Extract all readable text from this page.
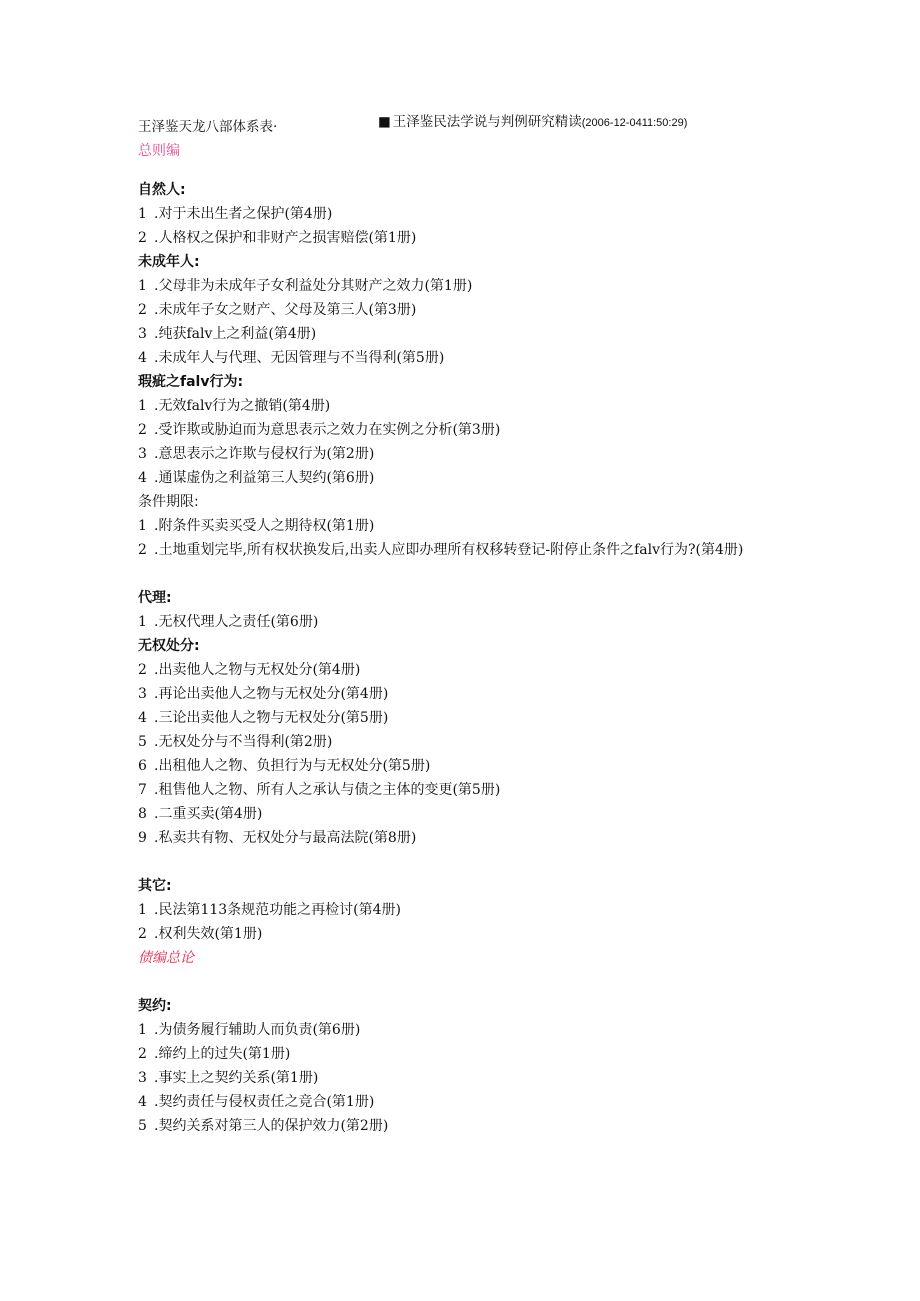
王泽鉴天龙八部体系表·	■ 王泽鉴民法学说与判例研究精读(2006-12-0411:50:29)
总则编
自然人:
1 .对于未出生者之保护(第4册)
2 .人格权之保护和非财产之损害赔偿(第1册)
未成年人:
1 .父母非为未成年子女利益处分其财产之效力(第1册)
2 .未成年子女之财产、父母及第三人(第3册)
3 .纯获falv上之利益(第4册)
4 .未成年人与代理、无因管理与不当得利(第5册)
瑕疵之falv行为:
1 .无效falv行为之撤销(第4册)
2 .受诈欺或胁迫而为意思表示之效力在实例之分析(第3册)
3 .意思表示之诈欺与侵权行为(第2册)
4 .通谋虚伪之利益第三人契约(第6册)
条件期限:
1 .附条件买卖买受人之期待权(第1册)
2 .土地重划完毕,所有权状换发后,出卖人应即办理所有权移转登记-附停止条件之falv行为?(第4册)
代理:
1 .无权代理人之责任(第6册)
无权处分:
2 .出卖他人之物与无权处分(第4册)
3 .再论出卖他人之物与无权处分(第4册)
4 .三论出卖他人之物与无权处分(第5册)
5 .无权处分与不当得利(第2册)
6 .出租他人之物、负担行为与无权处分(第5册)
7 .租售他人之物、所有人之承认与债之主体的变更(第5册)
8 .二重买卖(第4册)
9 .私卖共有物、无权处分与最高法院(第8册)
其它:
1 .民法第113条规范功能之再检讨(第4册)
2 .权利失效(第1册)
债编总论
契约:
1 .为债务履行辅助人而负责(第6册)
2 .缔约上的过失(第1册)
3 .事实上之契约关系(第1册)
4 .契约责任与侵权责任之竞合(第1册)
5 .契约关系对第三人的保护效力(第2册)
